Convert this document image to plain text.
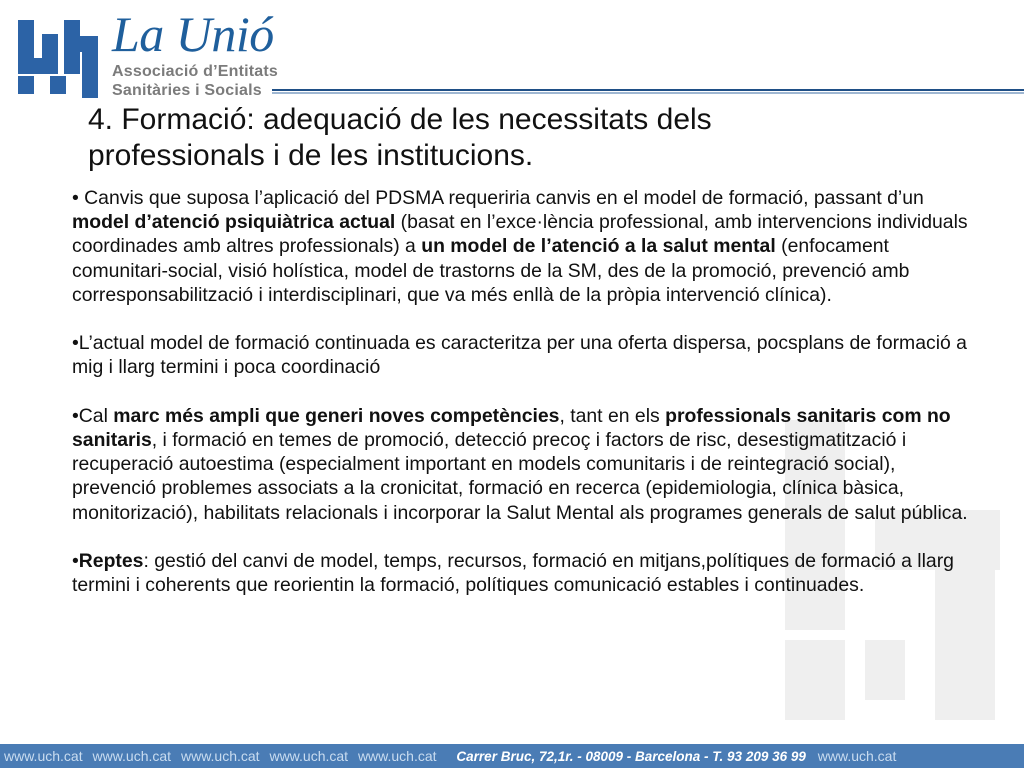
La Unió
Associació d’Entitats
Sanitàries i Socials
4. Formació: adequació de les necessitats dels
professionals i de les institucions.

• Canvis que suposa l’aplicació del PDSMA requeriria canvis en el model de formació, passant d’un model d’atenció psiquiàtrica actual (basat en l’exce·lència professional, amb intervencions individuals coordinades amb altres professionals) a un model de l’atenció a la salut mental (enfocament comunitari-social, visió holística, model de trastorns de la SM, des de la promoció, prevenció amb corresponsabilització i interdisciplinari, que va més enllà de la pròpia intervenció clínica).

•L’actual model de formació continuada es caracteritza per una oferta dispersa, pocsplans de formació a mig i llarg termini i poca coordinació

•Cal marc més ampli que generi noves competències, tant en els professionals sanitaris com no sanitaris, i formació en temes de promoció, detecció precoç i factors de risc, desestigmatització i recuperació autoestima (especialment important en models comunitaris i de reintegració social), prevenció problemes associats a la cronicitat, formació en recerca (epidemiologia, clínica bàsica, monitorizació), habilitats relacionals i incorporar la Salut Mental als programes generals de salut pública.

•Reptes: gestió del canvi de model, temps, recursos, formació en mitjans,polítiques de formació a llarg termini i coherents que reorientin la formació, polítiques comunicació estables i continuades.

www.uch.cat www.uch.cat www.uch.cat www.uch.cat www.uch.cat Carrer Bruc, 72,1r. - 08009 - Barcelona - T. 93 209 36 99 www.uch.cat
